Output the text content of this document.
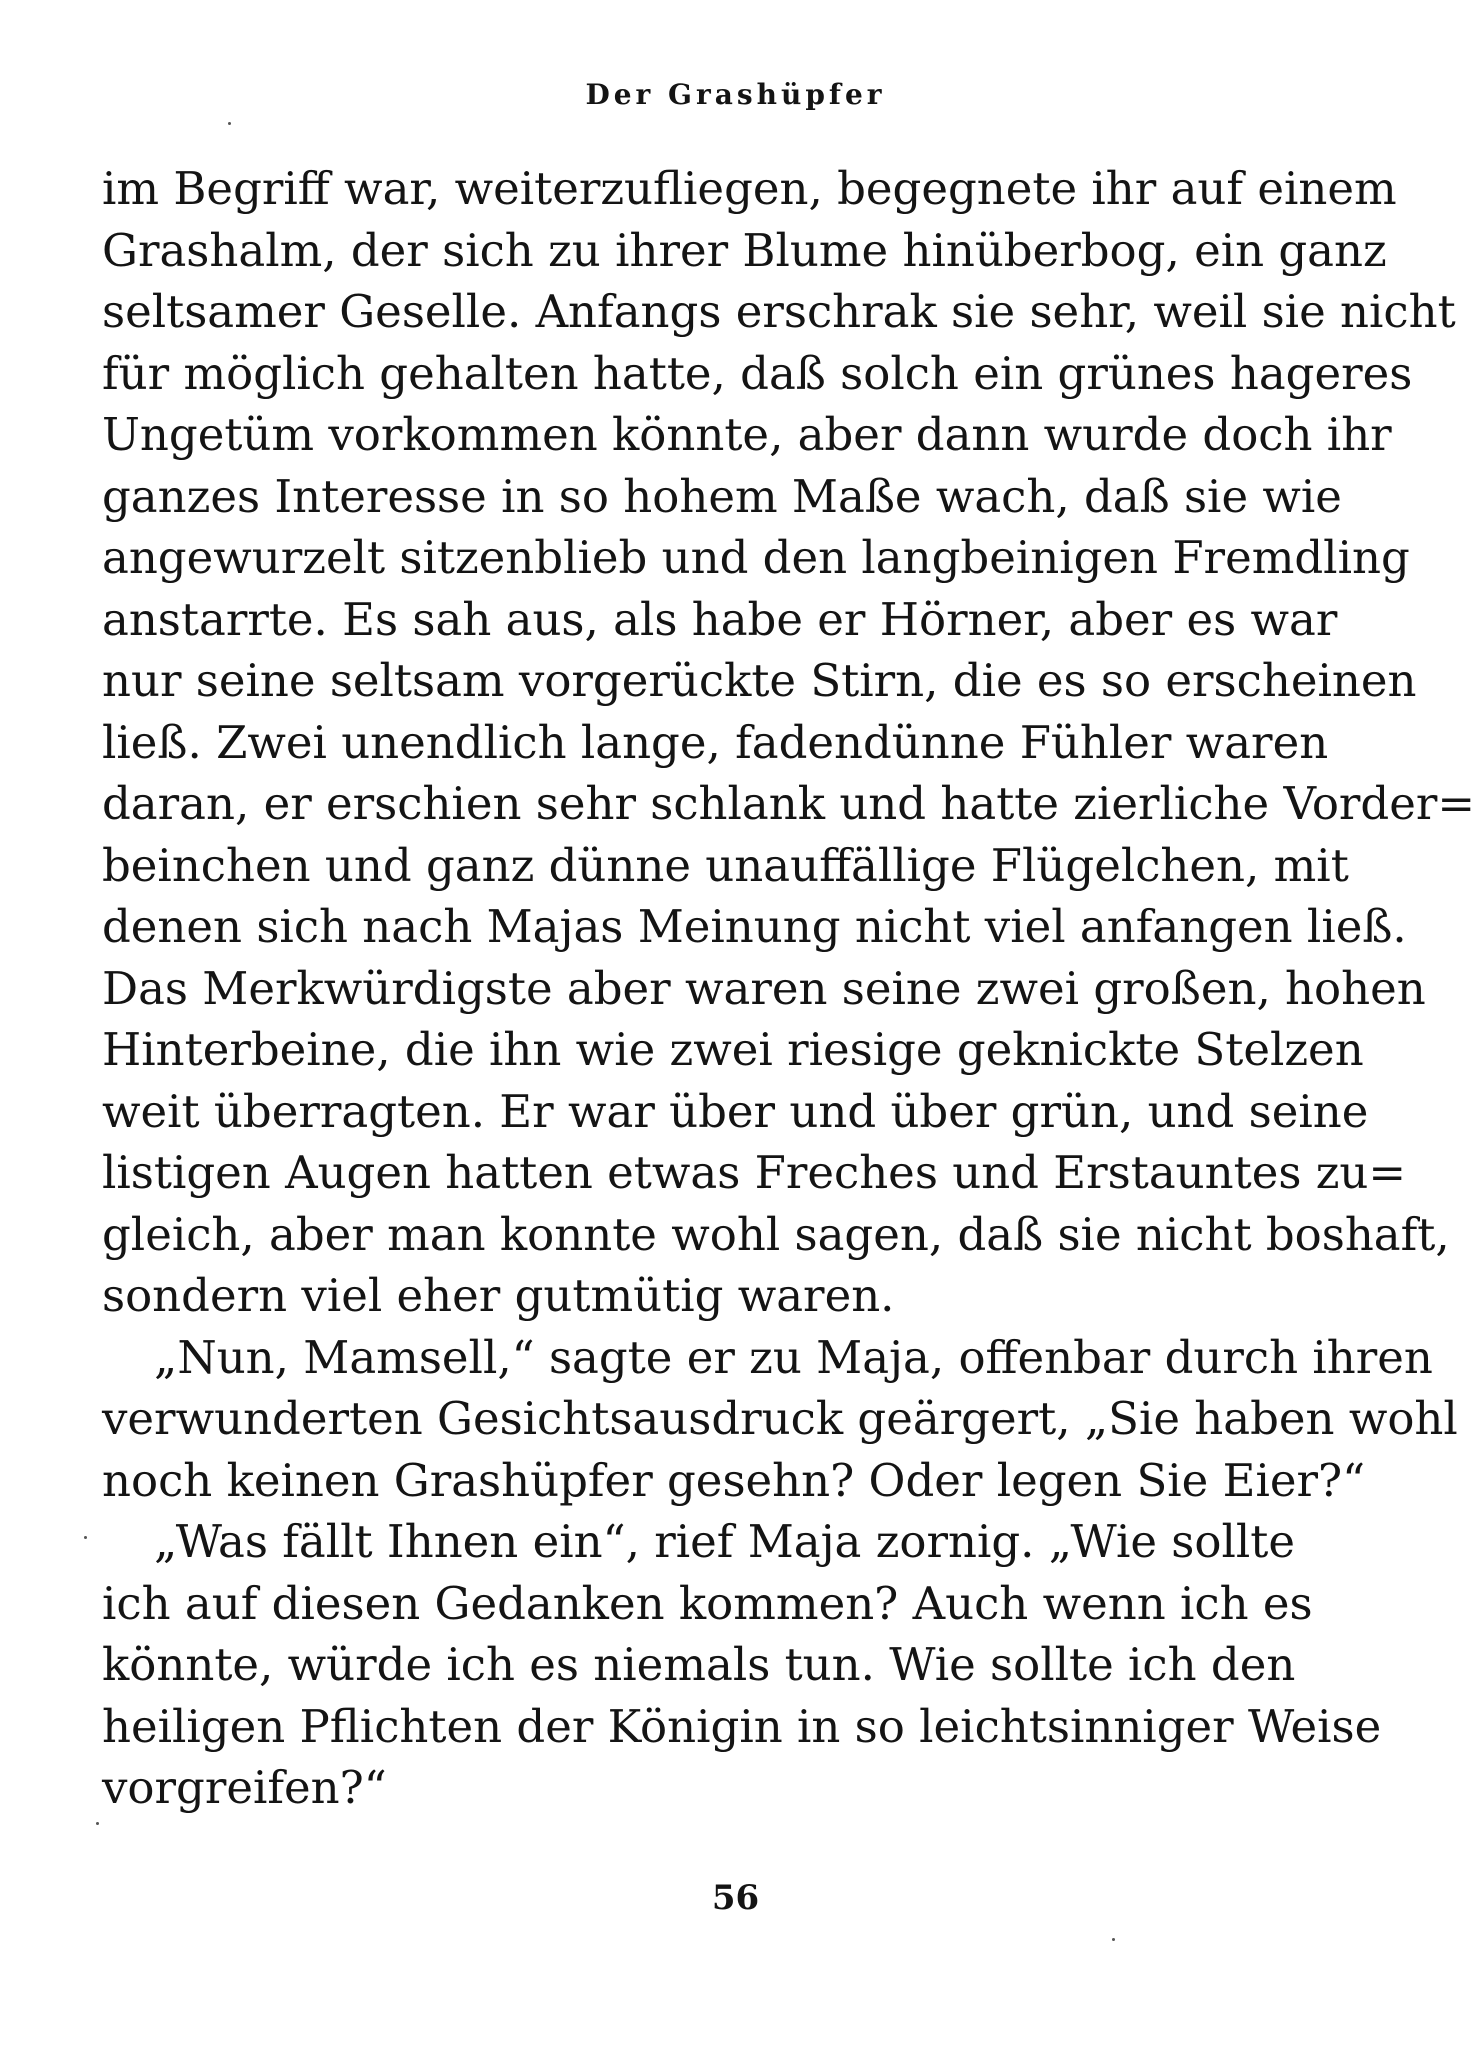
Der Grashüpfer
im Begriff war, weiterzufliegen, begegnete ihr auf einem
Grashalm, der sich zu ihrer Blume hinüberbog, ein ganz
seltsamer Geselle. Anfangs erschrak sie sehr, weil sie nicht
für möglich gehalten hatte, daß solch ein grünes hageres
Ungetüm vorkommen könnte, aber dann wurde doch ihr
ganzes Interesse in so hohem Maße wach, daß sie wie
angewurzelt sitzenblieb und den langbeinigen Fremdling
anstarrte. Es sah aus, als habe er Hörner, aber es war
nur seine seltsam vorgerückte Stirn, die es so erscheinen
ließ. Zwei unendlich lange, fadendünne Fühler waren
daran, er erschien sehr schlank und hatte zierliche Vorder=
beinchen und ganz dünne unauffällige Flügelchen, mit
denen sich nach Majas Meinung nicht viel anfangen ließ.
Das Merkwürdigste aber waren seine zwei großen, hohen
Hinterbeine, die ihn wie zwei riesige geknickte Stelzen
weit überragten. Er war über und über grün, und seine
listigen Augen hatten etwas Freches und Erstauntes zu=
gleich, aber man konnte wohl sagen, daß sie nicht boshaft,
sondern viel eher gutmütig waren.
„Nun, Mamsell,“ sagte er zu Maja, offenbar durch ihren
verwunderten Gesichtsausdruck geärgert, „Sie haben wohl
noch keinen Grashüpfer gesehn? Oder legen Sie Eier?“
„Was fällt Ihnen ein“, rief Maja zornig. „Wie sollte
ich auf diesen Gedanken kommen? Auch wenn ich es
könnte, würde ich es niemals tun. Wie sollte ich den
heiligen Pflichten der Königin in so leichtsinniger Weise
vorgreifen?“
56
